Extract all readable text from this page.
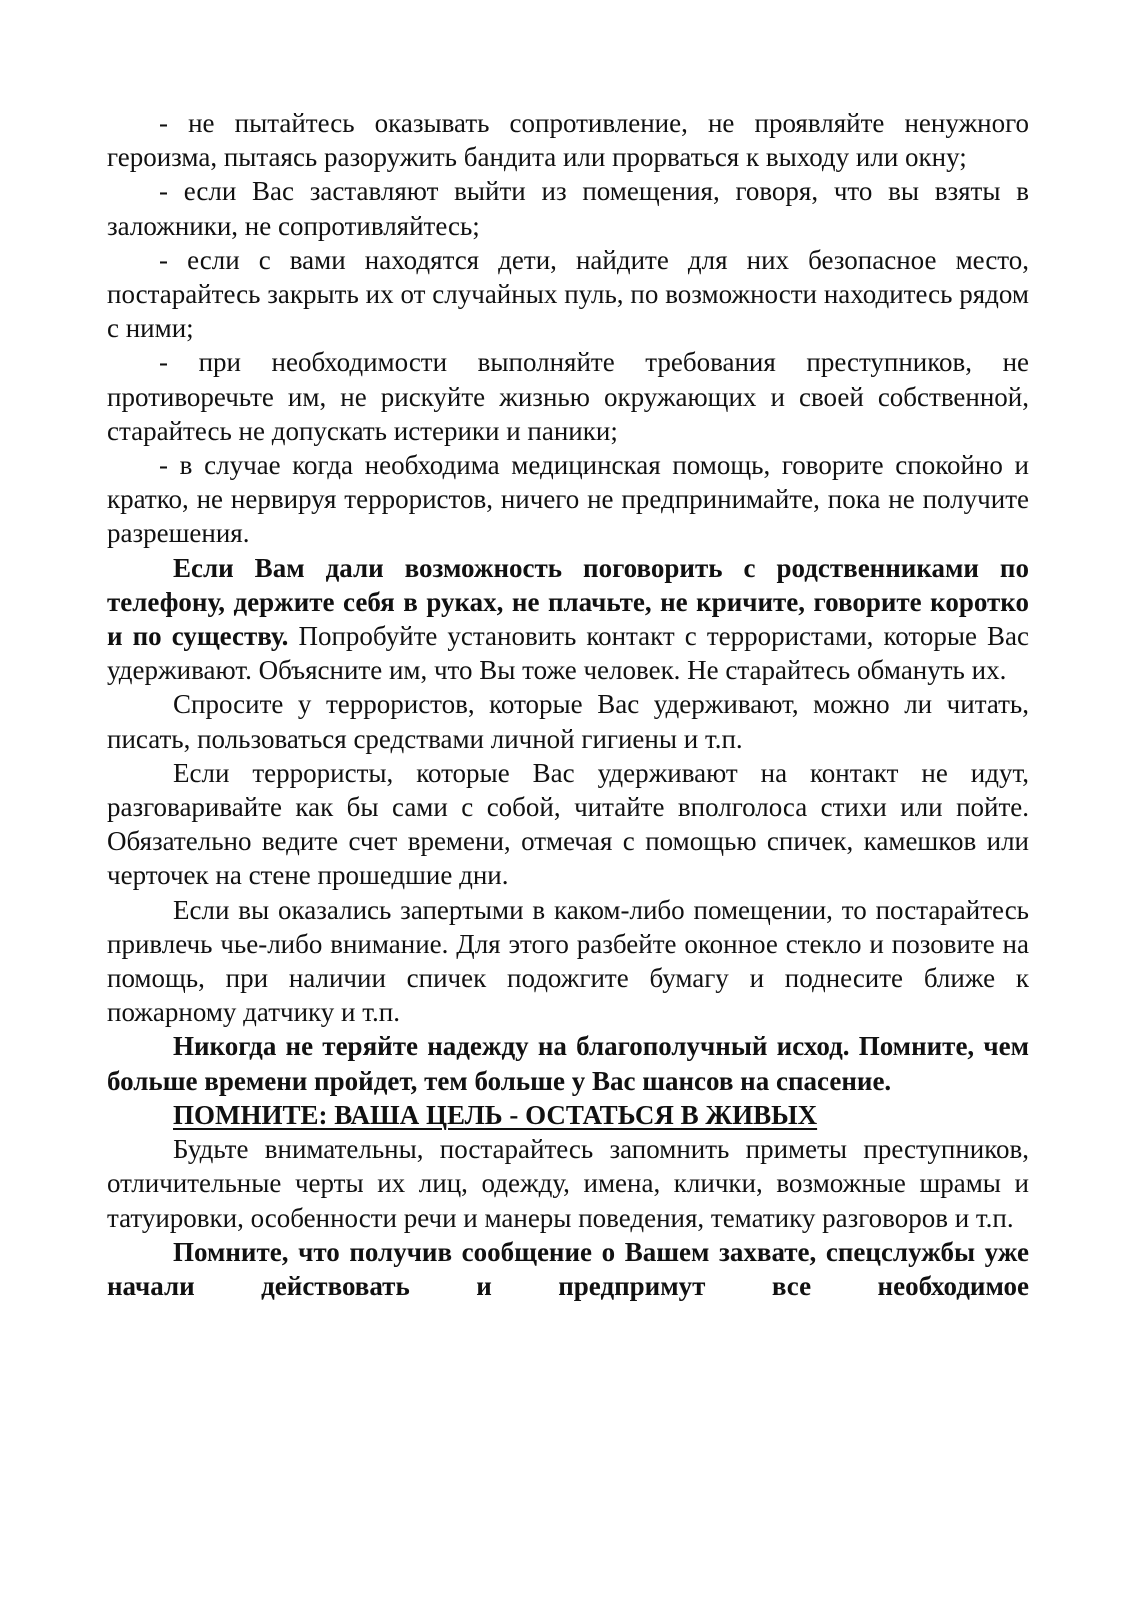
- не пытайтесь оказывать сопротивление, не проявляйте ненужного героизма, пытаясь разоружить бандита или прорваться к выходу или окну;

- если Вас заставляют выйти из помещения, говоря, что вы взяты в заложники, не сопротивляйтесь;

- если с вами находятся дети, найдите для них безопасное место, постарайтесь закрыть их от случайных пуль, по возможности находитесь рядом с ними;

- при необходимости выполняйте требования преступников, не противоречьте им, не рискуйте жизнью окружающих и своей собственной, старайтесь не допускать истерики и паники;

- в случае когда необходима медицинская помощь, говорите спокойно и кратко, не нервируя террористов, ничего не предпринимайте, пока не получите разрешения.

Если Вам дали возможность поговорить с родственниками по телефону, держите себя в руках, не плачьте, не кричите, говорите коротко и по существу. Попробуйте установить контакт с террористами, которые Вас удерживают. Объясните им, что Вы тоже человек. Не старайтесь обмануть их.

Спросите у террористов, которые Вас удерживают, можно ли читать, писать, пользоваться средствами личной гигиены и т.п.

Если террористы, которые Вас удерживают на контакт не идут, разговаривайте как бы сами с собой, читайте вполголоса стихи или пойте. Обязательно ведите счет времени, отмечая с помощью спичек, камешков или черточек на стене прошедшие дни.

Если вы оказались запертыми в каком-либо помещении, то постарайтесь привлечь чье-либо внимание. Для этого разбейте оконное стекло и позовите на помощь, при наличии спичек подожгите бумагу и поднесите ближе к пожарному датчику и т.п.

Никогда не теряйте надежду на благополучный исход. Помните, чем больше времени пройдет, тем больше у Вас шансов на спасение.

ПОМНИТЕ: ВАША ЦЕЛЬ - ОСТАТЬСЯ В ЖИВЫХ

Будьте внимательны, постарайтесь запомнить приметы преступников, отличительные черты их лиц, одежду, имена, клички, возможные шрамы и татуировки, особенности речи и манеры поведения, тематику разговоров и т.п.

Помните, что получив сообщение о Вашем захвате, спецслужбы уже начали действовать и предпримут все необходимое
